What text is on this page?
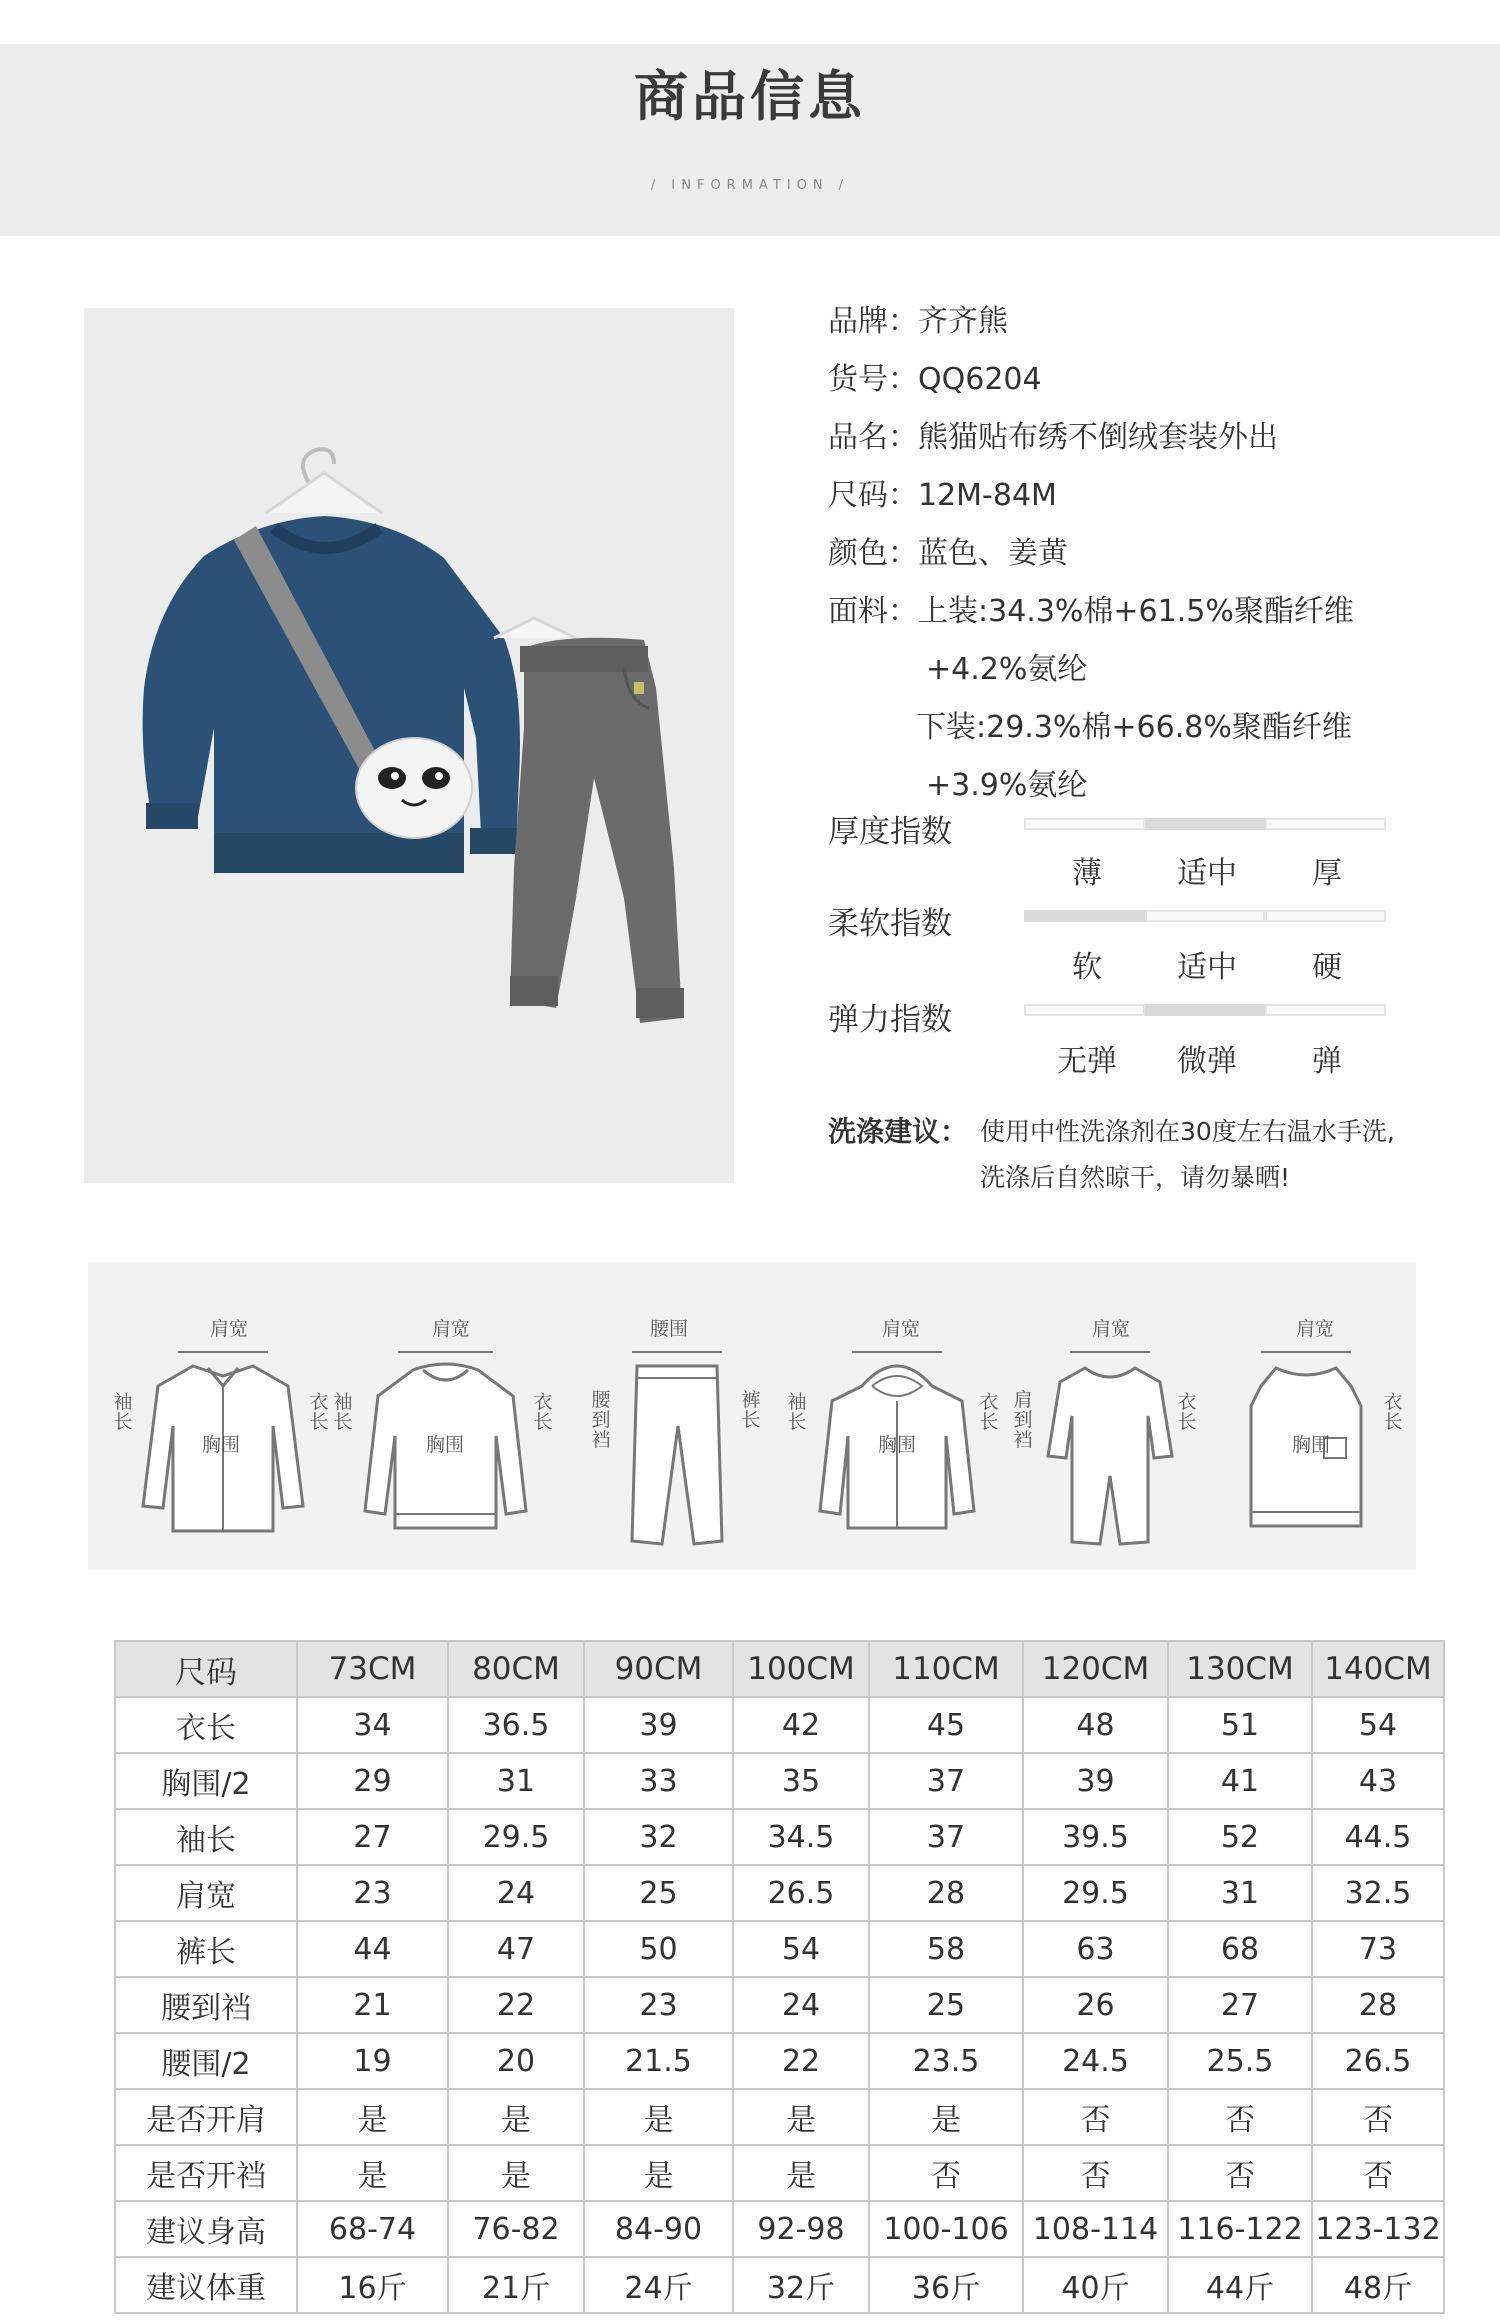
商品信息
/ INFORMATION /
品牌：齐齐熊
货号：QQ6204
品名：熊猫贴布绣不倒绒套装外出
尺码：12M-84M
颜色：蓝色、姜黄
面料：上装:34.3%棉+61.5%聚酯纤维
+4.2%氨纶
下装:29.3%棉+66.8%聚酯纤维
+3.9%氨纶
厚度指数
薄	适中	厚
柔软指数
软	适中	硬
弹力指数
无弹	微弹	弹
洗涤建议： 使用中性洗涤剂在30度左右温水手洗,
洗涤后自然晾干，请勿暴晒!
肩宽
袖长
衣长
胸围
肩宽
袖长
衣长
胸围
腰围
腰到裆
裤长
肩宽
袖长
衣长
胸围
肩宽
肩到裆
衣长
肩宽
衣长
胸围
尺码	73CM	80CM	90CM	100CM	110CM	120CM	130CM	140CM
衣长	34	36.5	39	42	45	48	51	54
胸围/2	29	31	33	35	37	39	41	43
袖长	27	29.5	32	34.5	37	39.5	52	44.5
肩宽	23	24	25	26.5	28	29.5	31	32.5
裤长	44	47	50	54	58	63	68	73
腰到裆	21	22	23	24	25	26	27	28
腰围/2	19	20	21.5	22	23.5	24.5	25.5	26.5
是否开肩	是	是	是	是	是	否	否	否
是否开裆	是	是	是	是	否	否	否	否
建议身高	68-74	76-82	84-90	92-98	100-106	108-114	116-122	123-132
建议体重	16斤	21斤	24斤	32斤	36斤	40斤	44斤	48斤
